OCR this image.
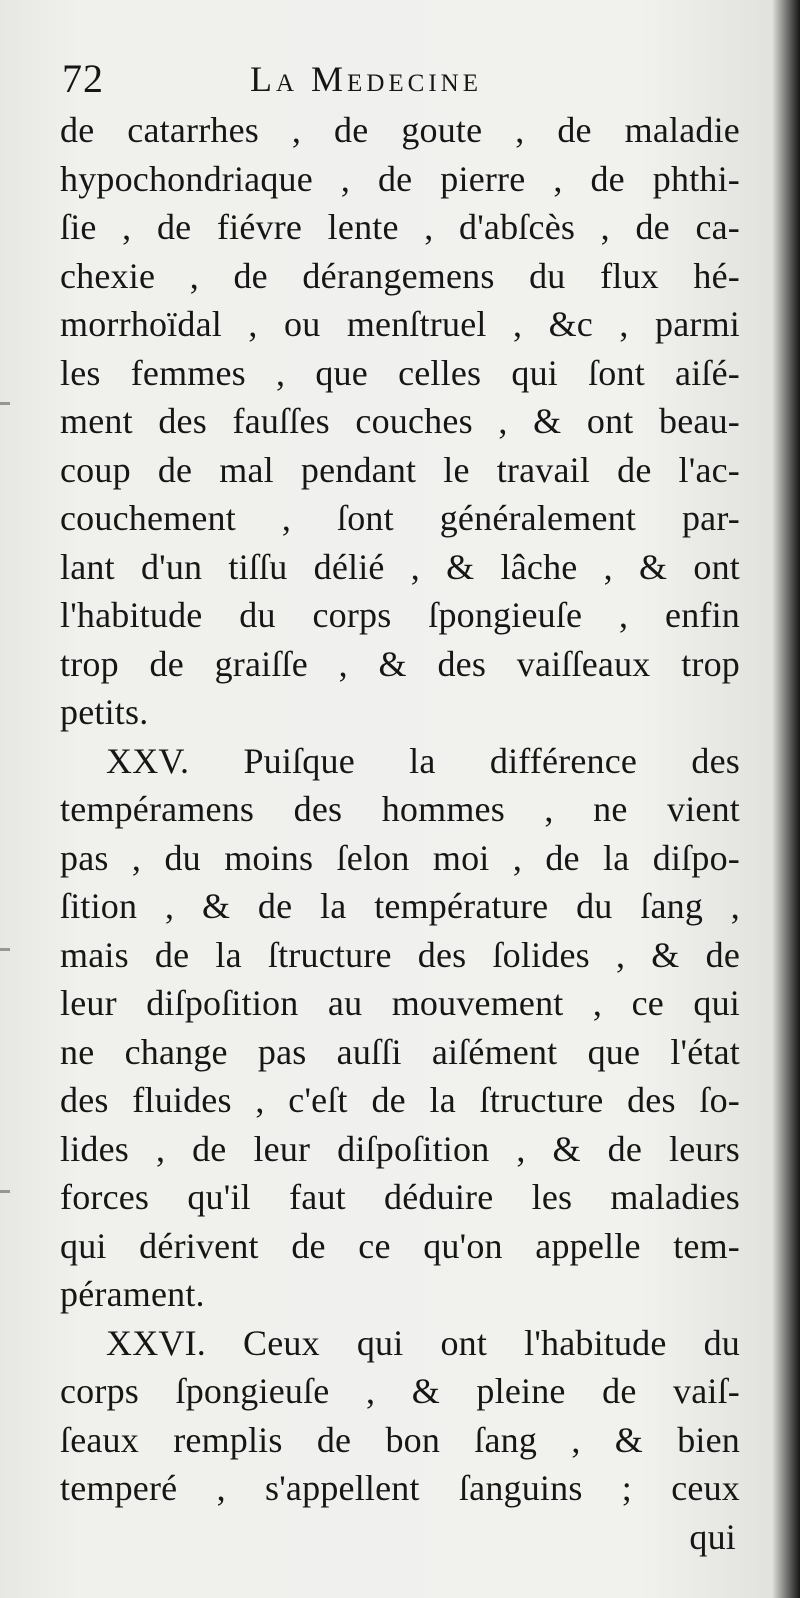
72	La Medecine
de catarrhes , de goute , de maladie
hypochondriaque , de pierre , de phthi-
ſie , de fiévre lente , d'abſcès , de ca-
chexie , de dérangemens du flux hé-
morrhoïdal , ou menſtruel , &c , parmi
les femmes , que celles qui ſont aiſé-
ment des fauſſes couches , & ont beau-
coup de mal pendant le travail de l'ac-
couchement , ſont généralement par-
lant d'un tiſſu délié , & lâche , & ont
l'habitude du corps ſpongieuſe , enfin
trop de graiſſe , & des vaiſſeaux trop
petits.
XXV. Puiſque la différence des
tempéramens des hommes , ne vient
pas , du moins ſelon moi , de la diſpo-
ſition , & de la température du ſang ,
mais de la ſtructure des ſolides , & de
leur diſpoſition au mouvement , ce qui
ne change pas auſſi aiſément que l'état
des fluides , c'eſt de la ſtructure des ſo-
lides , de leur diſpoſition , & de leurs
forces qu'il faut déduire les maladies
qui dérivent de ce qu'on appelle tem-
pérament.
XXVI. Ceux qui ont l'habitude du
corps ſpongieuſe , & pleine de vaiſ-
ſeaux remplis de bon ſang , & bien
temperé , s'appellent ſanguins ; ceux
qui
